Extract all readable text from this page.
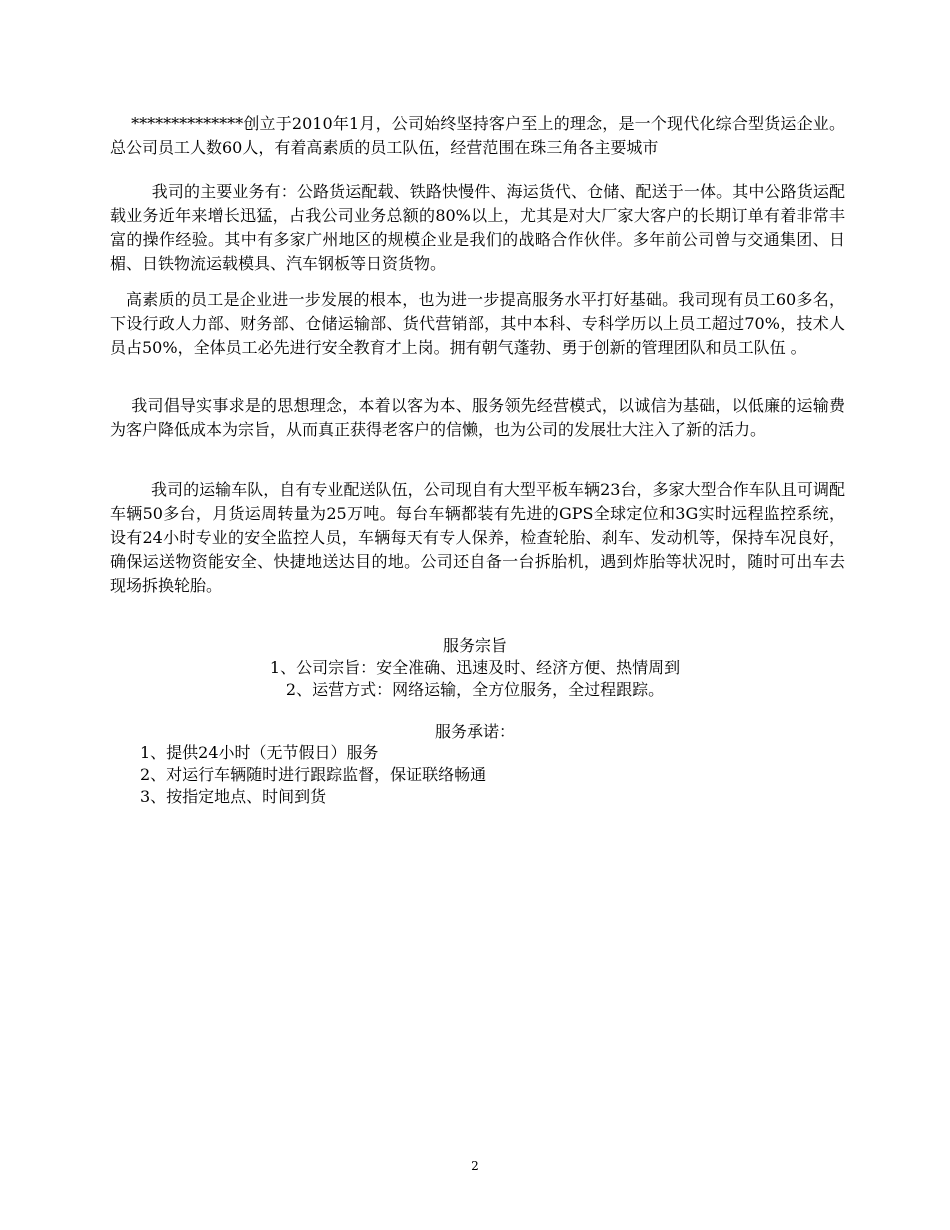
**************创立于2010年1月，公司始终坚持客户至上的理念，是一个现代化综合型货运企业。总公司员工人数60人，有着高素质的员工队伍，经营范围在珠三角各主要城市

我司的主要业务有：公路货运配载、铁路快慢件、海运货代、仓储、配送于一体。其中公路货运配载业务近年来增长迅猛，占我公司业务总额的80%以上，尤其是对大厂家大客户的长期订单有着非常丰富的操作经验。其中有多家广州地区的规模企业是我们的战略合作伙伴。多年前公司曾与交通集团、日楣、日铁物流运载模具、汽车钢板等日资货物。

高素质的员工是企业进一步发展的根本，也为进一步提高服务水平打好基础。我司现有员工60多名，下设行政人力部、财务部、仓储运输部、货代营销部，其中本科、专科学历以上员工超过70%，技术人员占50%，全体员工必先进行安全教育才上岗。拥有朝气蓬勃、勇于创新的管理团队和员工队伍 。

我司倡导实事求是的思想理念，本着以客为本、服务领先经营模式，以诚信为基础，以低廉的运输费为客户降低成本为宗旨，从而真正获得老客户的信懒，也为公司的发展壮大注入了新的活力。

我司的运输车队，自有专业配送队伍，公司现自有大型平板车辆23台，多家大型合作车队且可调配车辆50多台，月货运周转量为25万吨。每台车辆都装有先进的GPS全球定位和3G实时远程监控系统，设有24小时专业的安全监控人员，车辆每天有专人保养，检查轮胎、刹车、发动机等，保持车况良好，确保运送物资能安全、快捷地送达目的地。公司还自备一台拆胎机，遇到炸胎等状况时，随时可出车去现场拆换轮胎。

服务宗旨

1、公司宗旨：安全准确、迅速及时、经济方便、热情周到

2、运营方式：网络运输，全方位服务，全过程跟踪。

服务承诺：

1、提供24小时（无节假日）服务

2、对运行车辆随时进行跟踪监督，保证联络畅通

3、按指定地点、时间到货

2
